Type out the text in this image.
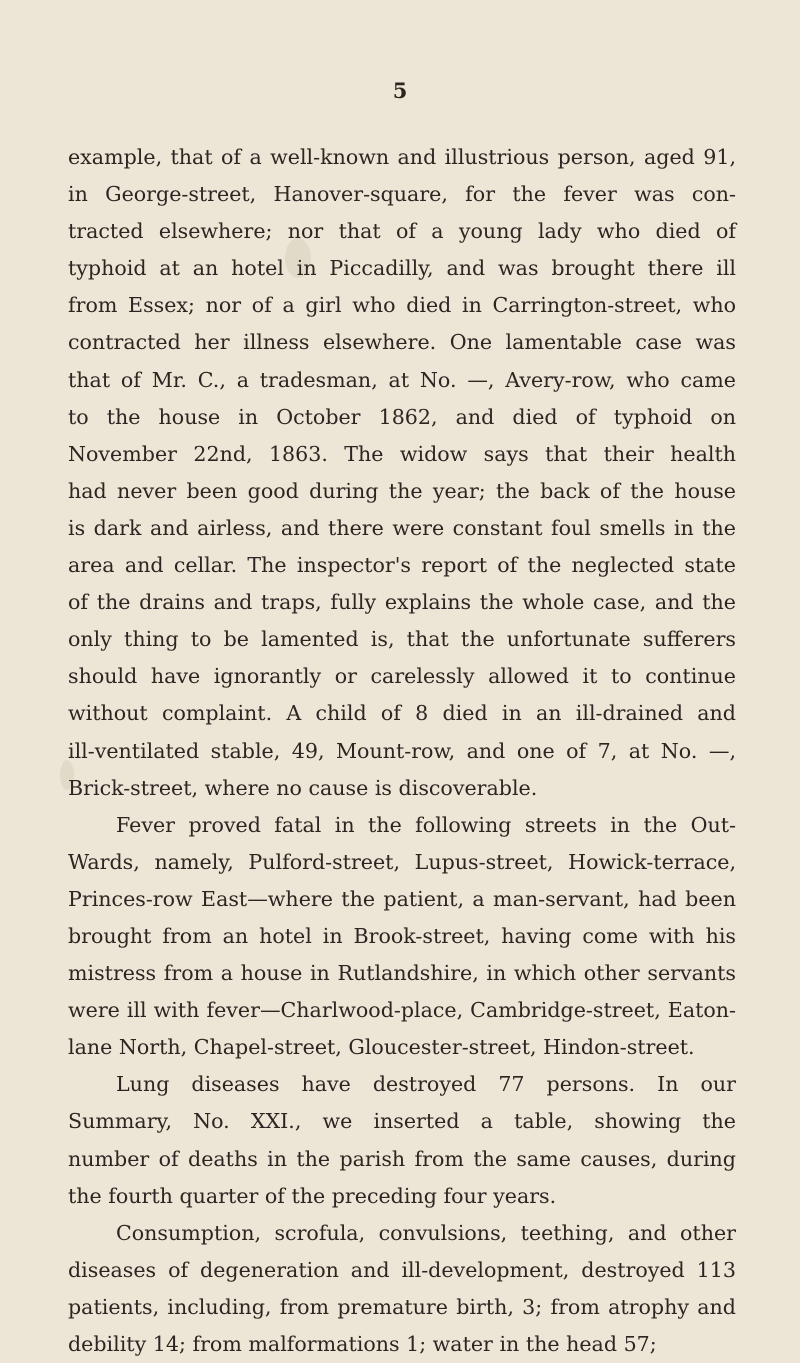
5
example, that of a well-known and illustrious person, aged 91,
in George-street, Hanover-square, for the fever was con-
tracted elsewhere; nor that of a young lady who died of
typhoid at an hotel in Piccadilly, and was brought there ill
from Essex; nor of a girl who died in Carrington-street, who
contracted her illness elsewhere. One lamentable case was
that of Mr. C., a tradesman, at No. —, Avery-row, who came
to the house in October 1862, and died of typhoid on
November 22nd, 1863. The widow says that their health
had never been good during the year; the back of the house
is dark and airless, and there were constant foul smells in the
area and cellar. The inspector's report of the neglected state
of the drains and traps, fully explains the whole case, and the
only thing to be lamented is, that the unfortunate sufferers
should have ignorantly or carelessly allowed it to continue
without complaint. A child of 8 died in an ill-drained and
ill-ventilated stable, 49, Mount-row, and one of 7, at No. —,
Brick-street, where no cause is discoverable.
Fever proved fatal in the following streets in the Out-
Wards, namely, Pulford-street, Lupus-street, Howick-terrace,
Princes-row East—where the patient, a man-servant, had been
brought from an hotel in Brook-street, having come with his
mistress from a house in Rutlandshire, in which other servants
were ill with fever—Charlwood-place, Cambridge-street, Eaton-
lane North, Chapel-street, Gloucester-street, Hindon-street.
Lung diseases have destroyed 77 persons. In our
Summary, No. XXI., we inserted a table, showing the
number of deaths in the parish from the same causes, during
the fourth quarter of the preceding four years.
Consumption, scrofula, convulsions, teething, and other
diseases of degeneration and ill-development, destroyed 113
patients, including, from premature birth, 3; from atrophy and
debility 14; from malformations 1; water in the head 57;
